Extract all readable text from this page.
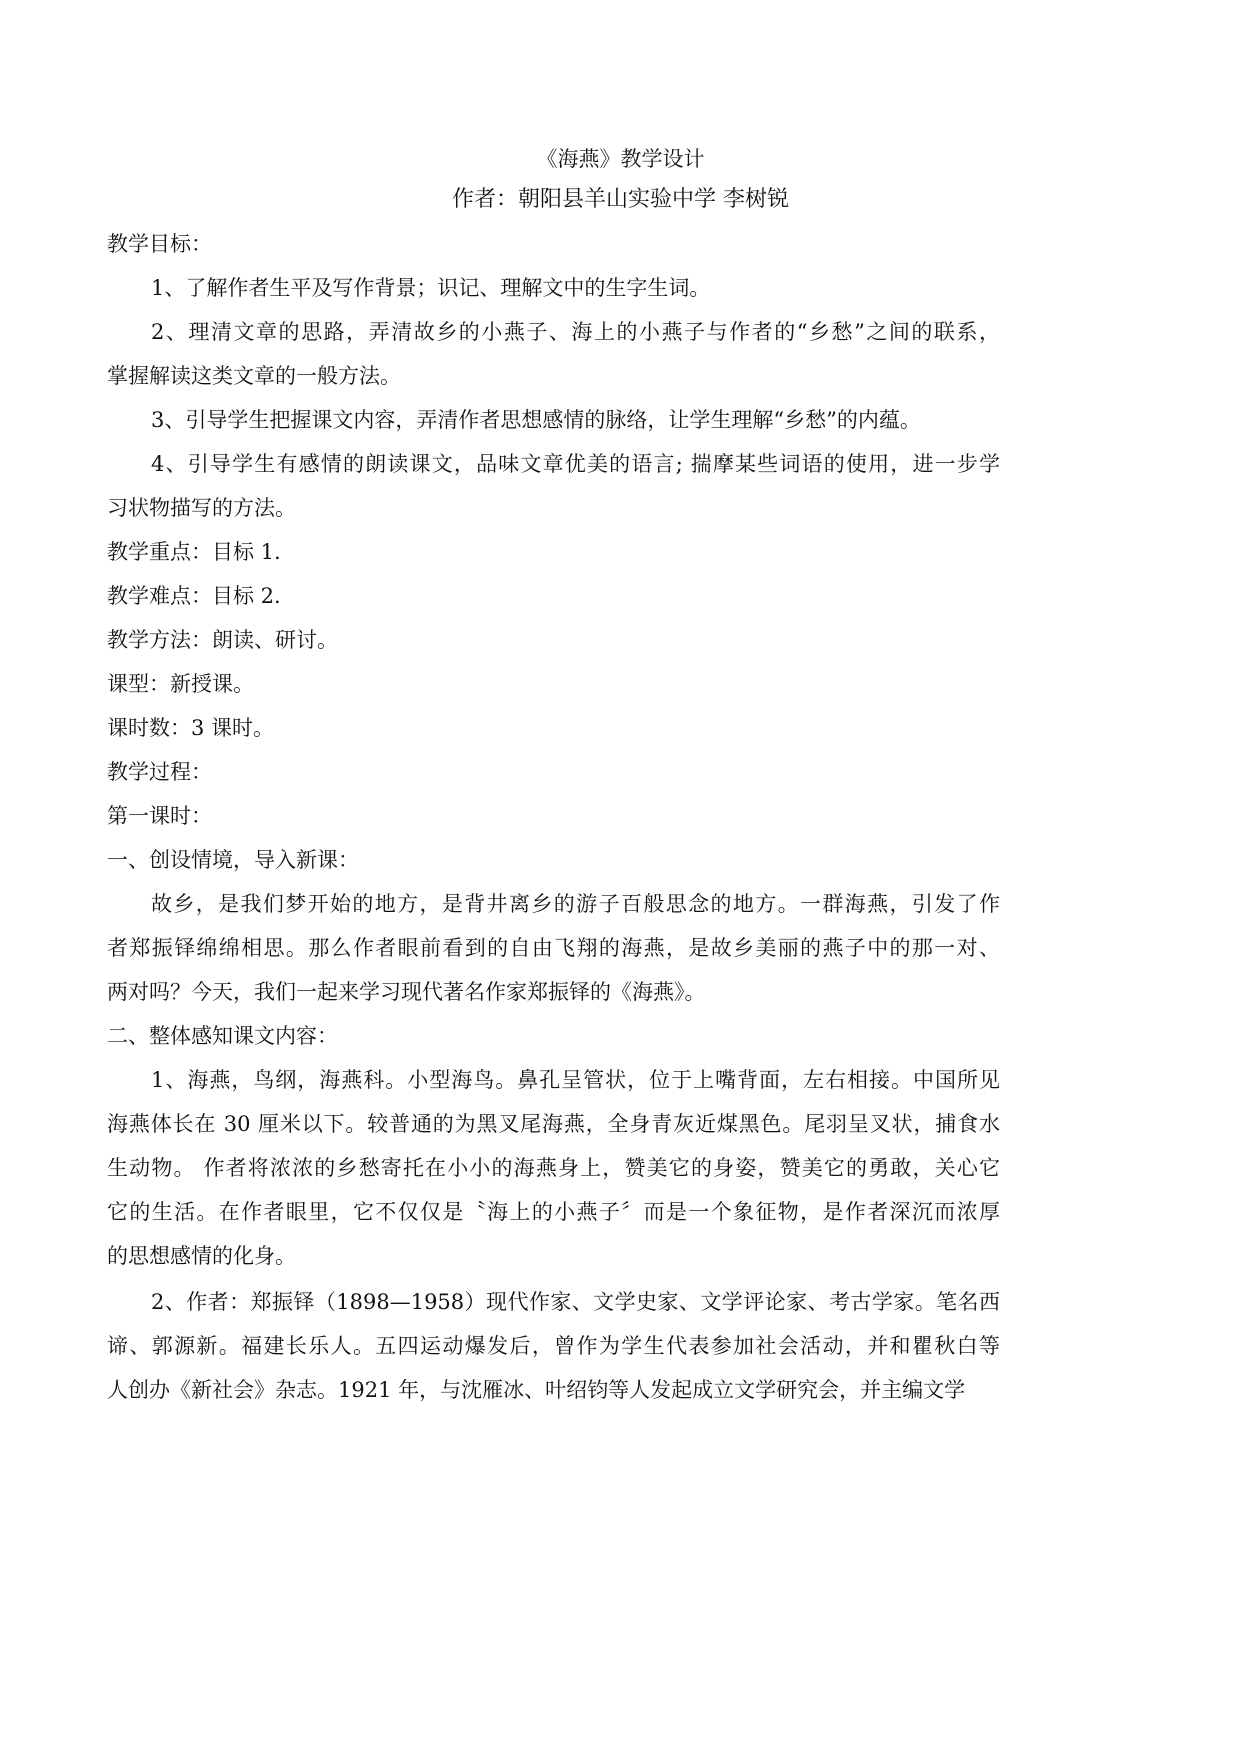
《海燕》教学设计
作者：朝阳县羊山实验中学 李树锐
教学目标：
1、了解作者生平及写作背景；识记、理解文中的生字生词。
2、理清文章的思路，弄清故乡的小燕子、海上的小燕子与作者的“乡愁”之间的联系，
掌握解读这类文章的一般方法。
3、引导学生把握课文内容，弄清作者思想感情的脉络，让学生理解“乡愁”的内蕴。
4、引导学生有感情的朗读课文，品味文章优美的语言; 揣摩某些词语的使用，进一步学
习状物描写的方法。
教学重点：目标 1.
教学难点：目标 2.
教学方法：朗读、研讨。
课型：新授课。
课时数：3 课时。
教学过程：
第一课时：
一、创设情境，导入新课：
故乡，是我们梦开始的地方，是背井离乡的游子百般思念的地方。一群海燕，引发了作
者郑振铎绵绵相思。那么作者眼前看到的自由飞翔的海燕，是故乡美丽的燕子中的那一对、
两对吗？今天，我们一起来学习现代著名作家郑振铎的《海燕》。
二、整体感知课文内容：
1、海燕，鸟纲，海燕科。小型海鸟。鼻孔呈管状，位于上嘴背面，左右相接。中国所见
海燕体长在 30 厘米以下。较普通的为黑叉尾海燕，全身青灰近煤黑色。尾羽呈叉状，捕食水
生动物。 作者将浓浓的乡愁寄托在小小的海燕身上，赞美它的身姿，赞美它的勇敢，关心它
它的生活。在作者眼里，它不仅仅是〝海上的小燕子〞而是一个象征物，是作者深沉而浓厚
的思想感情的化身。
2、作者：郑振铎（1898—1958）现代作家、文学史家、文学评论家、考古学家。笔名西
谛、郭源新。福建长乐人。五四运动爆发后，曾作为学生代表参加社会活动，并和瞿秋白等
人创办《新社会》杂志。1921 年，与沈雁冰、叶绍钧等人发起成立文学研究会，并主编文学
